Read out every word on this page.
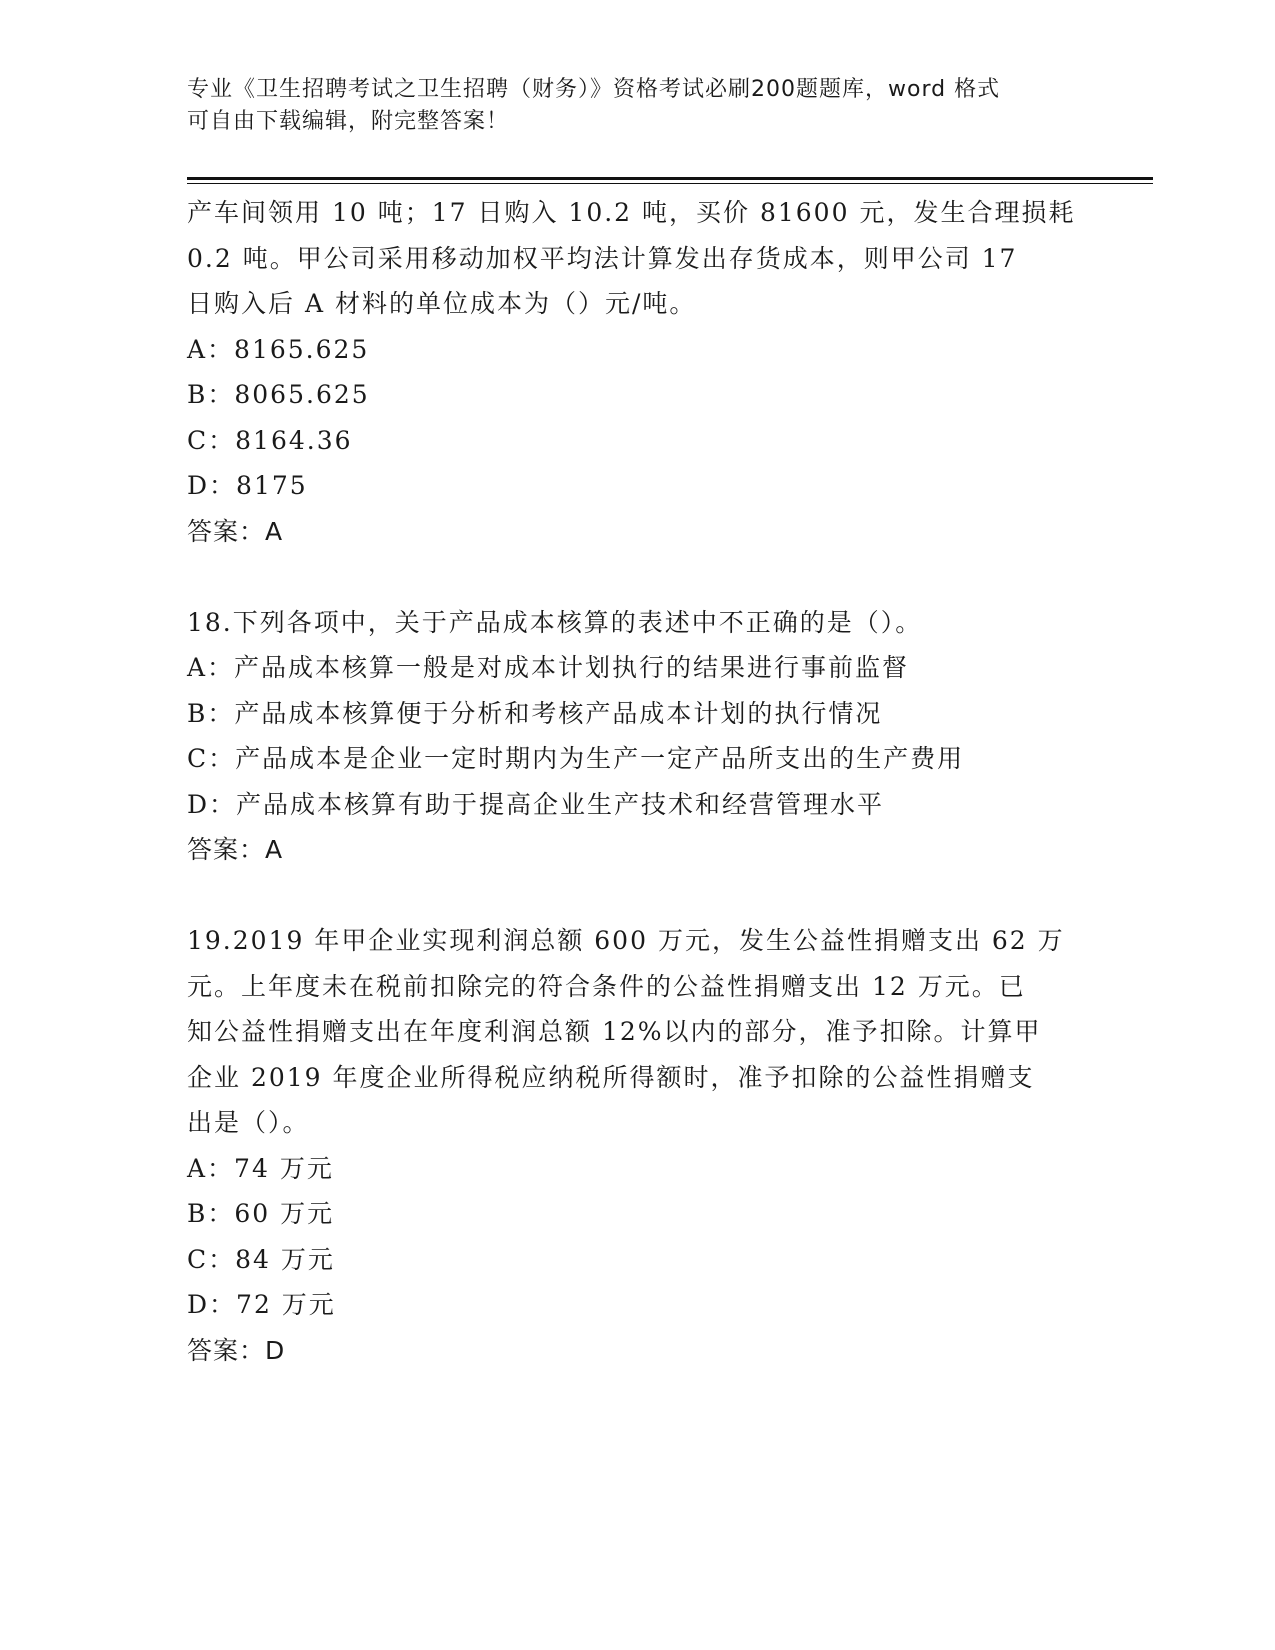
专业《卫生招聘考试之卫生招聘（财务）》资格考试必刷200题题库，word 格式
可自由下载编辑，附完整答案！
产车间领用 10 吨；17 日购入 10.2 吨，买价 81600 元，发生合理损耗
0.2 吨。甲公司采用移动加权平均法计算发出存货成本，则甲公司 17
日购入后 A 材料的单位成本为（）元/吨。
A：8165.625
B：8065.625
C：8164.36
D：8175
答案：A
18.下列各项中，关于产品成本核算的表述中不正确的是（）。
A：产品成本核算一般是对成本计划执行的结果进行事前监督
B：产品成本核算便于分析和考核产品成本计划的执行情况
C：产品成本是企业一定时期内为生产一定产品所支出的生产费用
D：产品成本核算有助于提高企业生产技术和经营管理水平
答案：A
19.2019 年甲企业实现利润总额 600 万元，发生公益性捐赠支出 62 万
元。上年度未在税前扣除完的符合条件的公益性捐赠支出 12 万元。已
知公益性捐赠支出在年度利润总额 12%以内的部分，准予扣除。计算甲
企业 2019 年度企业所得税应纳税所得额时，准予扣除的公益性捐赠支
出是（）。
A：74 万元
B：60 万元
C：84 万元
D：72 万元
答案：D
